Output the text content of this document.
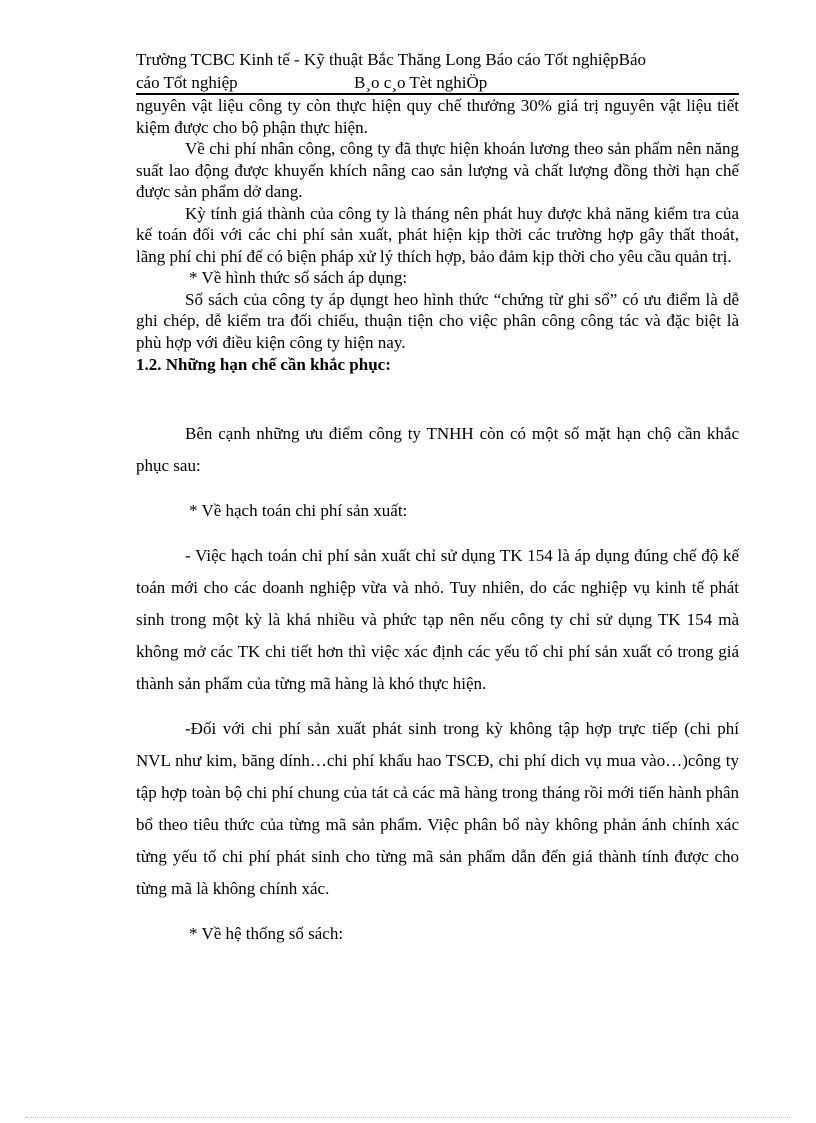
Trường TCBC Kinh tế - Kỹ thuật Bắc Thăng Long Báo cáo Tốt nghiệpBáo
cáo Tốt nghiệp	B¸o c¸o Tèt nghiÖp

nguyên vật liệu công ty còn thực hiện quy chế thưởng 30% giá trị nguyên vật liệu tiết kiệm được cho bộ phận thực hiện.

Về chi phí nhân công, công ty đã thực hiện khoán lương theo sản phẩm nên năng suất lao động được khuyến khích nâng cao sản lượng và chất lượng đồng thời hạn chế được sản phẩm dở dang.

Kỳ tính giá thành của công ty là tháng nên phát huy được khả năng kiểm tra của kế toán đối với các chi phí sản xuất, phát hiện kịp thời các trường hợp gây thất thoát, lãng phí chi phí để có biện pháp xử lý thích hợp, bảo đảm kịp thời cho yêu cầu quản trị.

* Về hình thức sổ sách áp dụng:

Sổ sách của công ty áp dụngt heo hình thức “chứng từ ghi sổ” có ưu điểm là dễ ghi chép, dễ kiểm tra đối chiếu, thuận tiện cho việc phân công công tác và đặc biệt là phù hợp với điều kiện công ty hiện nay.

1.2. Những hạn chế cần khắc phục:

Bên cạnh những ưu điểm công ty TNHH còn có một số mặt hạn chộ cần khắc phục sau:

* Về hạch toán chi phí sản xuất:

- Việc hạch toán chi phí sản xuất chỉ sử dụng TK 154 là áp dụng đúng chế độ kế toán mới cho các doanh nghiệp vừa và nhỏ. Tuy nhiên, do các nghiệp vụ kinh tế phát sinh trong một kỳ là khá nhiều và phức tạp nên nếu công ty chỉ sử dụng TK 154 mà không mở các TK chi tiết hơn thì việc xác định các yếu tố chi phí sản xuất có trong giá thành sản phẩm của từng mã hàng là khó thực hiện.

-Đối với chi phí sản xuất phát sinh trong kỳ không tập hợp trực tiếp (chi phí NVL như kim, băng dính…chi phí khấu hao TSCĐ, chi phí dich vụ mua vào…)công ty tập hợp toàn bộ chi phí chung của tát cả các mã hàng trong tháng rồi mới tiến hành phân bổ theo tiêu thức của từng mã sản phẩm. Việc phân bổ này không phản ánh chính xác từng yếu tố chi phí phát sinh cho từng mã sản phẩm dẫn đến giá thành tính được cho từng mã là không chính xác.

* Về hệ thống sổ sách:
